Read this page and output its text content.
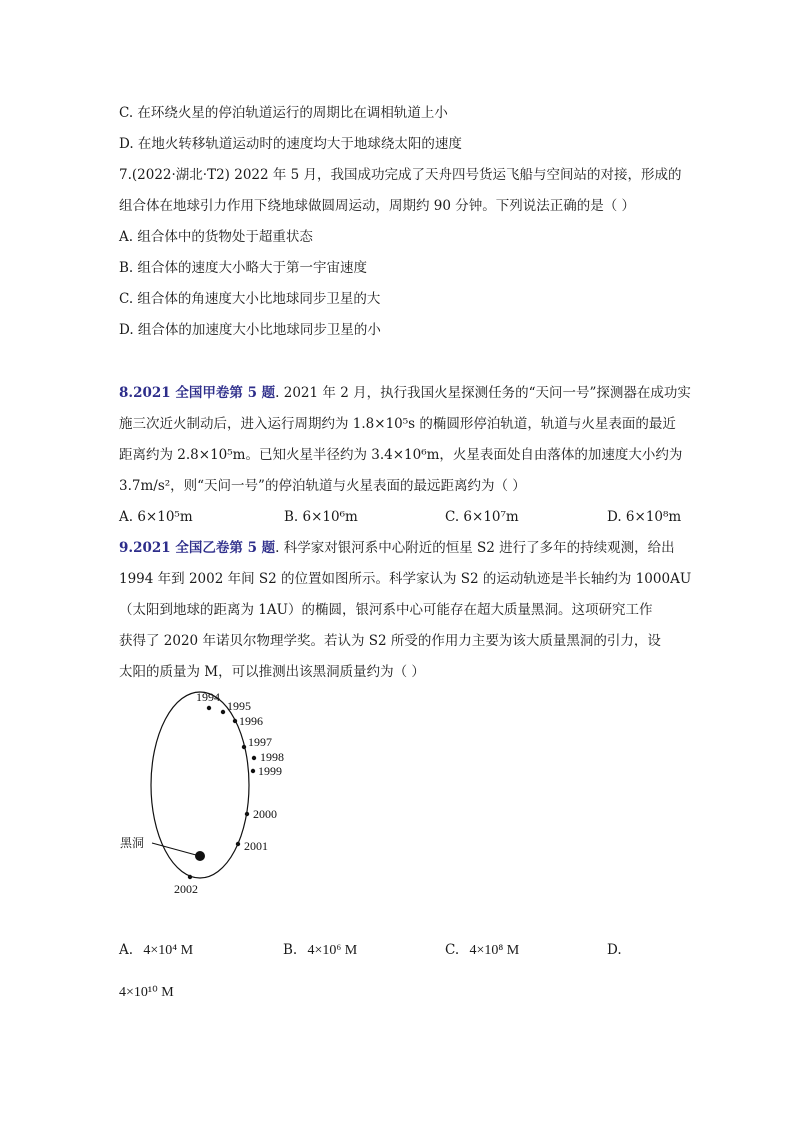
C. 在环绕火星的停泊轨道运行的周期比在调相轨道上小
D. 在地火转移轨道运动时的速度均大于地球绕太阳的速度
7.(2022·湖北·T2) 2022 年 5 月，我国成功完成了天舟四号货运飞船与空间站的对接，形成的
组合体在地球引力作用下绕地球做圆周运动，周期约 90 分钟。下列说法正确的是（ ）
A. 组合体中的货物处于超重状态
B. 组合体的速度大小略大于第一宇宙速度
C. 组合体的角速度大小比地球同步卫星的大
D. 组合体的加速度大小比地球同步卫星的小
8.2021 全国甲卷第 5 题. 2021 年 2 月，执行我国火星探测任务的“天问一号”探测器在成功实
施三次近火制动后，进入运行周期约为 1.8×10⁵s 的椭圆形停泊轨道，轨道与火星表面的最近
距离约为 2.8×10⁵m。已知火星半径约为 3.4×10⁶m，火星表面处自由落体的加速度大小约为
3.7m/s²，则“天问一号”的停泊轨道与火星表面的最远距离约为（ ）
A. 6×10⁵m	B. 6×10⁶m	C. 6×10⁷m	D. 6×10⁸m
9.2021 全国乙卷第 5 题. 科学家对银河系中心附近的恒星 S2 进行了多年的持续观测，给出
1994 年到 2002 年间 S2 的位置如图所示。科学家认为 S2 的运动轨迹是半长轴约为 1000AU
（太阳到地球的距离为 1AU）的椭圆，银河系中心可能存在超大质量黑洞。这项研究工作
获得了 2020 年诺贝尔物理学奖。若认为 S2 所受的作用力主要为该大质量黑洞的引力，设
太阳的质量为 M，可以推测出该黑洞质量约为（ ）
黑洞
1994
1995
1996
1997
1998
1999
2000
2001
2002
A. 4×10⁴ M	B. 4×10⁶ M	C. 4×10⁸ M	D.
4×10¹⁰ M
